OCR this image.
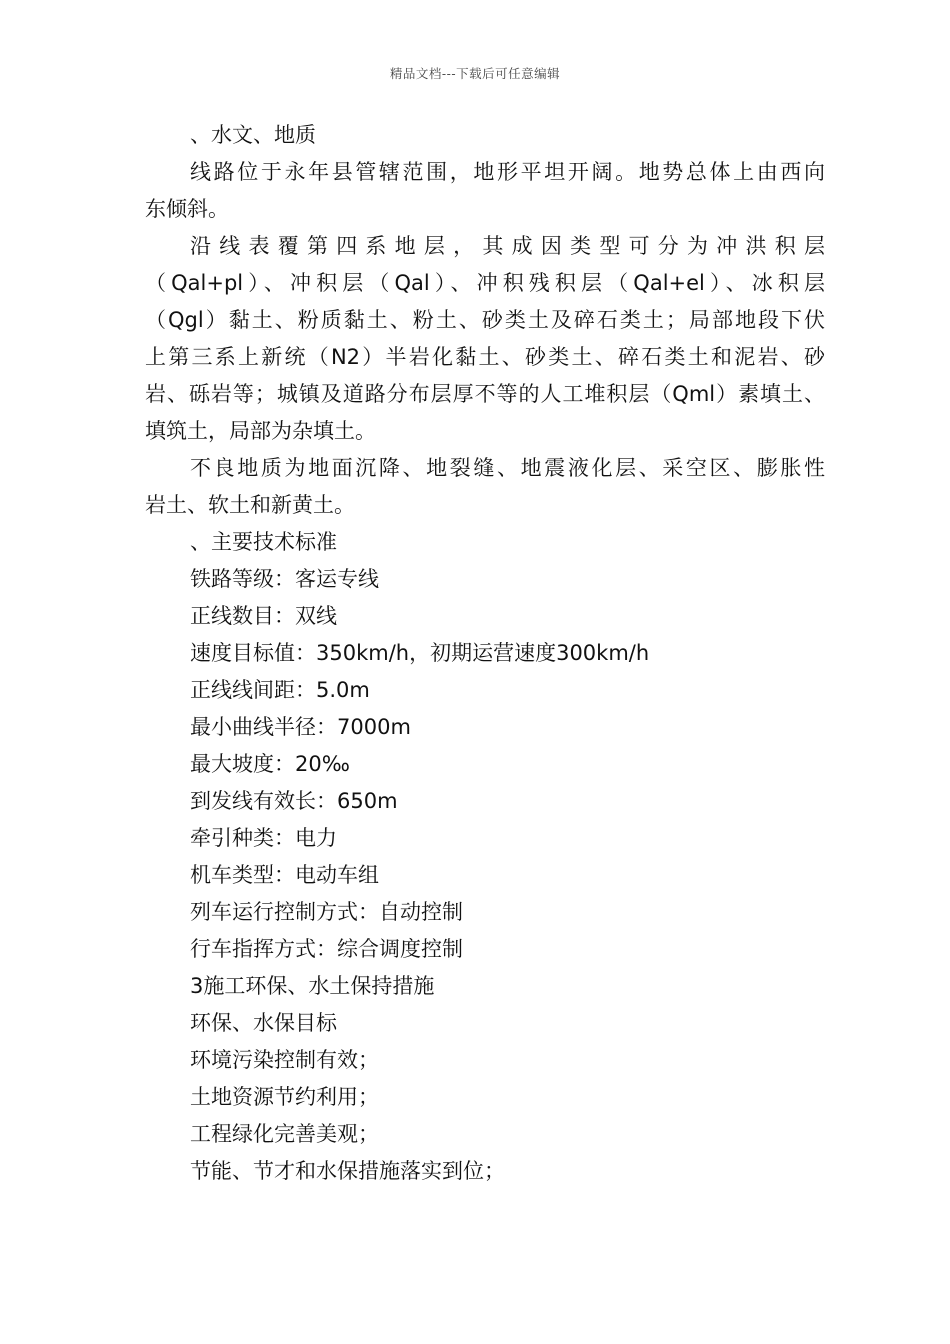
精品文档---下载后可任意编辑
、水文、地质
线路位于永年县管辖范围，地形平坦开阔。地势总体上由西向
东倾斜。
沿线表覆第四系地层，其成因类型可分为冲洪积层
（Qal+pl）、冲积层（Qal）、冲积残积层（Qal+el）、冰积层
（Qgl）黏土、粉质黏土、粉土、砂类土及碎石类土；局部地段下伏
上第三系上新统（N2）半岩化黏土、砂类土、碎石类土和泥岩、砂
岩、砾岩等；城镇及道路分布层厚不等的人工堆积层（Qml）素填土、
填筑土，局部为杂填土。
不良地质为地面沉降、地裂缝、地震液化层、采空区、膨胀性
岩土、软土和新黄土。
、主要技术标准
铁路等级：客运专线
正线数目：双线
速度目标值：350km/h，初期运营速度300km/h
正线线间距：5.0m
最小曲线半径：7000m
最大坡度：20‰
到发线有效长：650m
牵引种类：电力
机车类型：电动车组
列车运行控制方式：自动控制
行车指挥方式：综合调度控制
3施工环保、水土保持措施
环保、水保目标
环境污染控制有效；
土地资源节约利用；
工程绿化完善美观；
节能、节才和水保措施落实到位；
